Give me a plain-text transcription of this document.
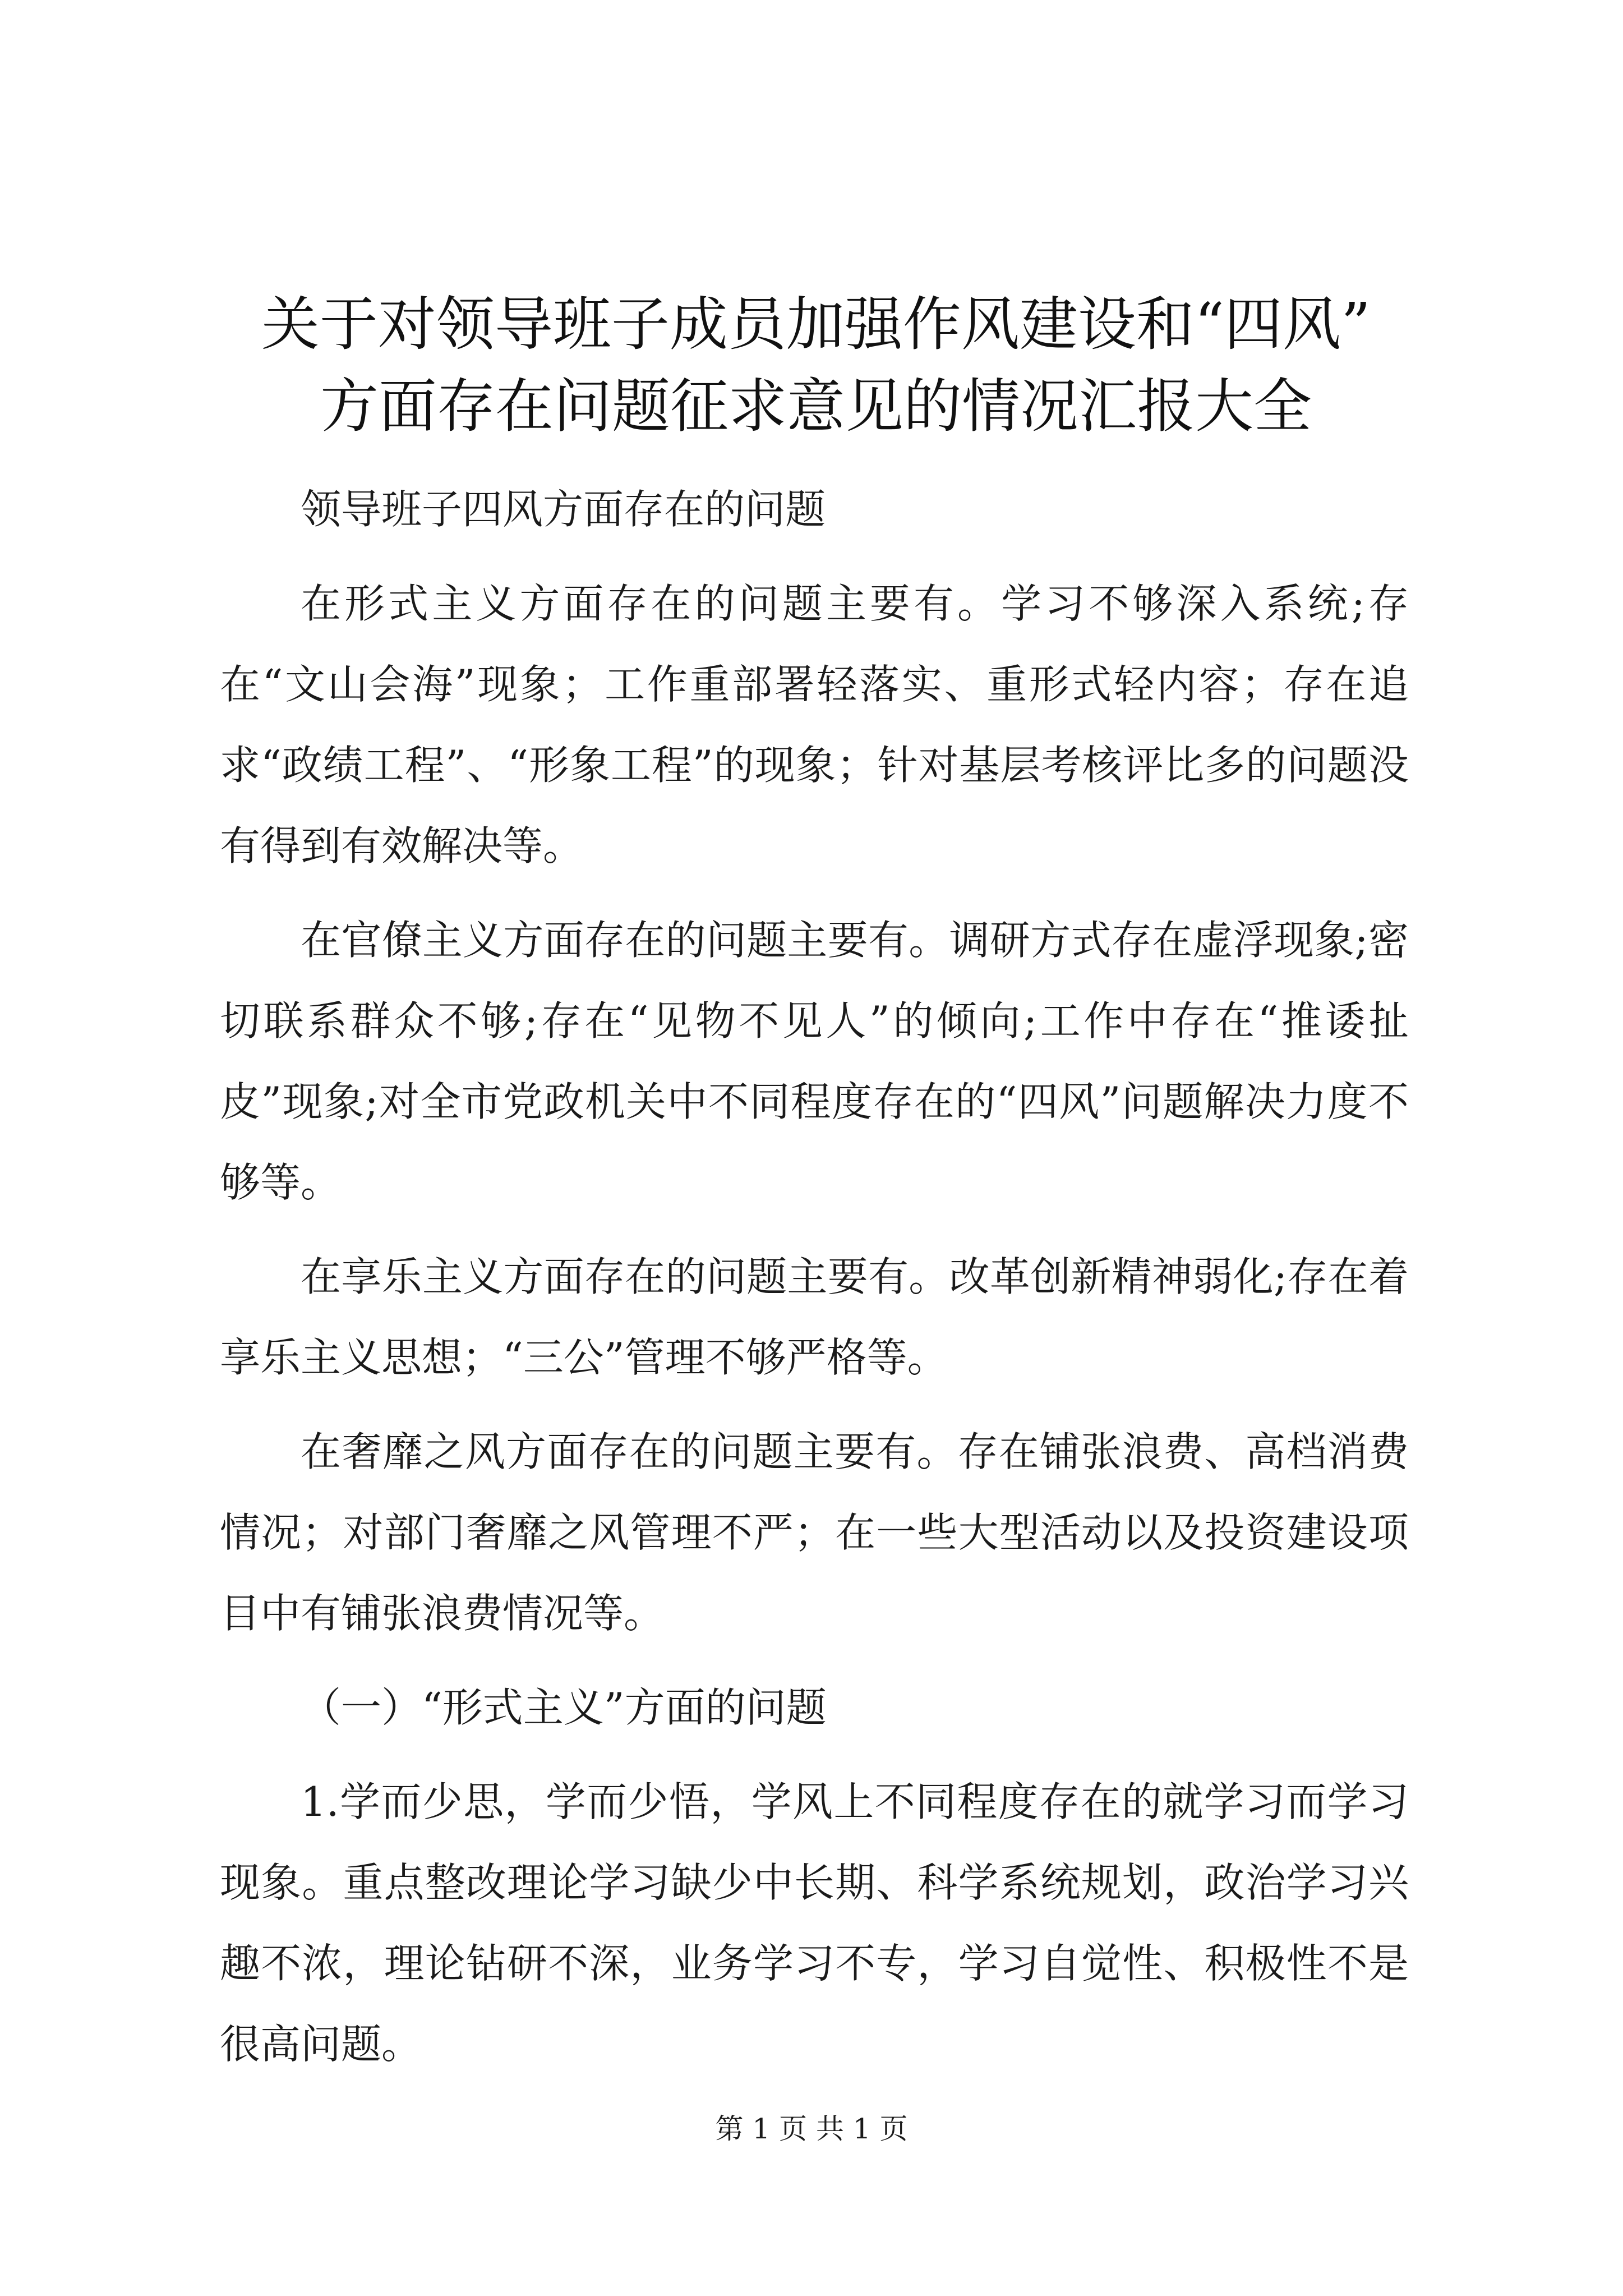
关于对领导班子成员加强作风建设和“四风”
方面存在问题征求意见的情况汇报大全

领导班子四风方面存在的问题

在形式主义方面存在的问题主要有。学习不够深入系统;存在“文山会海”现象；工作重部署轻落实、重形式轻内容；存在追求“政绩工程”、“形象工程”的现象；针对基层考核评比多的问题没有得到有效解决等。

在官僚主义方面存在的问题主要有。调研方式存在虚浮现象;密切联系群众不够;存在“见物不见人”的倾向;工作中存在“推诿扯皮”现象;对全市党政机关中不同程度存在的“四风”问题解决力度不够等。

在享乐主义方面存在的问题主要有。改革创新精神弱化;存在着享乐主义思想；“三公”管理不够严格等。

在奢靡之风方面存在的问题主要有。存在铺张浪费、高档消费情况；对部门奢靡之风管理不严；在一些大型活动以及投资建设项目中有铺张浪费情况等。

（一）“形式主义”方面的问题

1.学而少思，学而少悟，学风上不同程度存在的就学习而学习现象。重点整改理论学习缺少中长期、科学系统规划，政治学习兴趣不浓，理论钻研不深，业务学习不专，学习自觉性、积极性不是很高问题。

第 1 页 共 1 页
